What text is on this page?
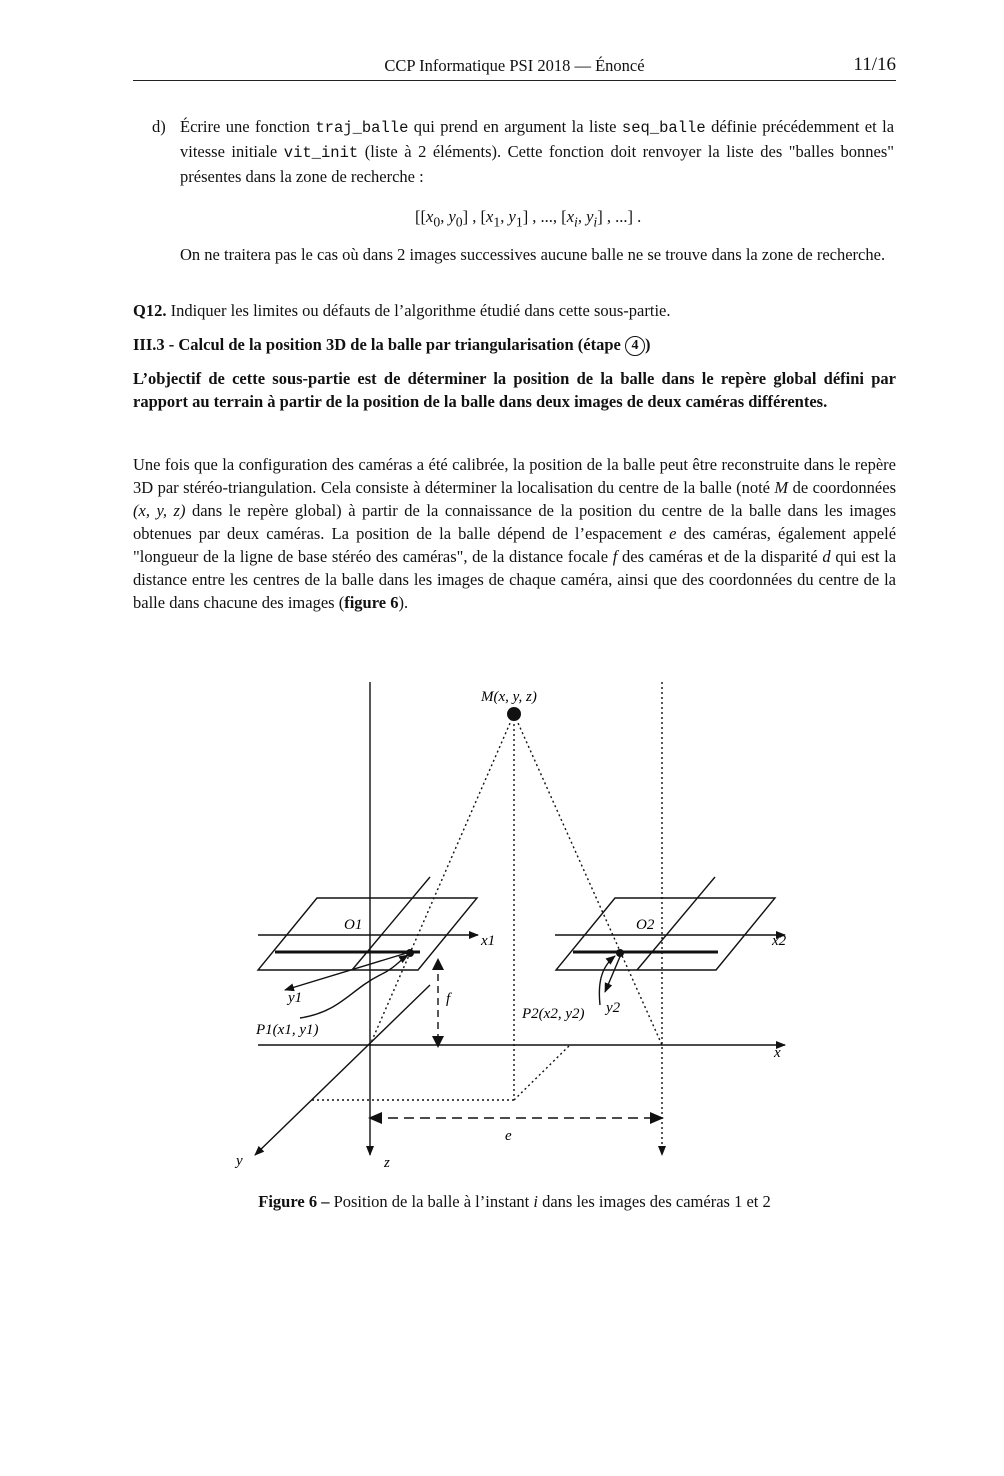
CCP Informatique PSI 2018 — Énoncé	11/16
d) Écrire une fonction traj_balle qui prend en argument la liste seq_balle définie précédemment et la vitesse initiale vit_init (liste à 2 éléments). Cette fonction doit renvoyer la liste des "balles bonnes" présentes dans la zone de recherche :

[[$x_0$, $y_0$] , [$x_1$, $y_1$] , ..., [$x_i$, $y_i$] , ...] .

On ne traitera pas le cas où dans 2 images successives aucune balle ne se trouve dans la zone de recherche.

Q12. Indiquer les limites ou défauts de l’algorithme étudié dans cette sous-partie.

III.3 - Calcul de la position 3D de la balle par triangularisation (étape 4 )

L’objectif de cette sous-partie est de déterminer la position de la balle dans le repère global défini par rapport au terrain à partir de la position de la balle dans deux images de deux caméras différentes.

Une fois que la configuration des caméras a été calibrée, la position de la balle peut être reconstruite dans le repère 3D par stéréo-triangulation. Cela consiste à déterminer la localisation du centre de la balle (noté M de coordonnées (x, y, z) dans le repère global) à partir de la connaissance de la position du centre de la balle dans les images obtenues par deux caméras. La position de la balle dépend de l’espacement e des caméras, également appelé "longueur de la ligne de base stéréo des caméras", de la distance focale f des caméras et de la disparité d qui est la distance entre les centres de la balle dans les images de chaque caméra, ainsi que des coordonnées du centre de la balle dans chacune des images (figure 6).

M(x, y, z)
O1	O2
x1	x2
y1
y2
P1(x1, y1)
P2(x2, y2)
f
x
y	z
e
Figure 6 – Position de la balle à l’instant i dans les images des caméras 1 et 2
